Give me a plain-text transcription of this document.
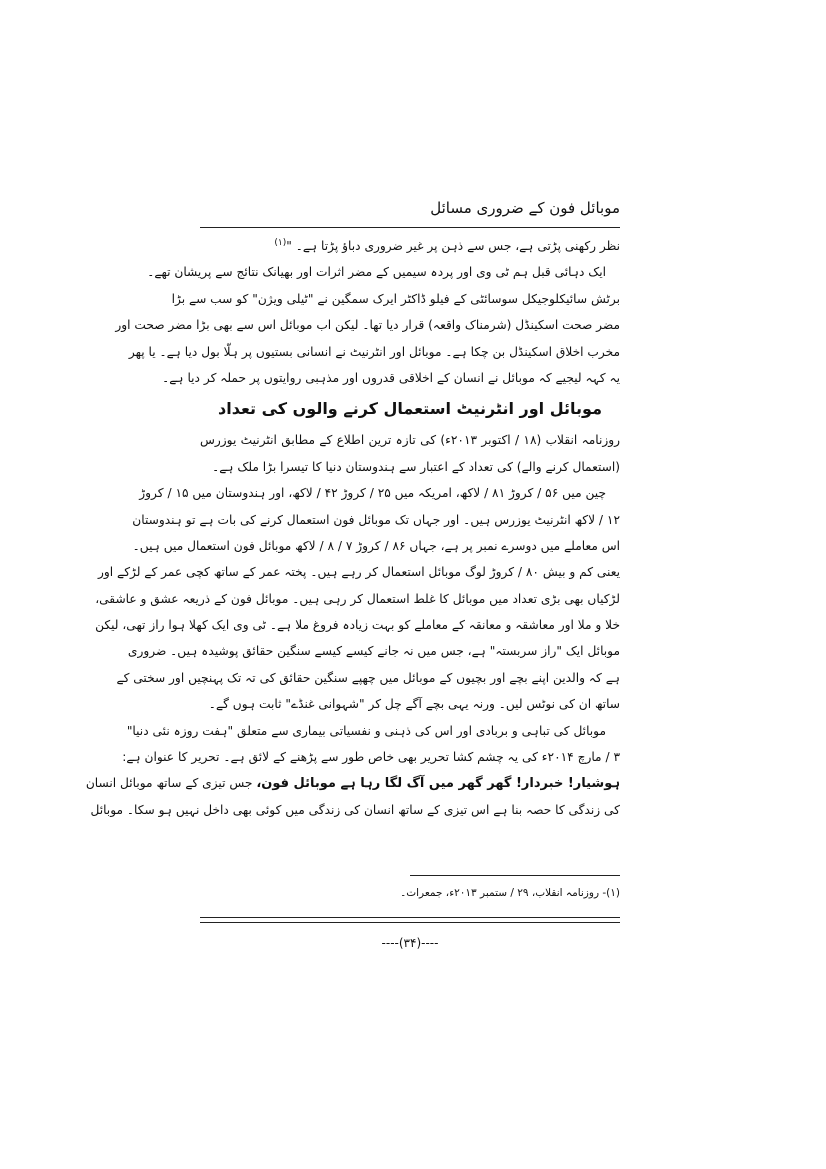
موبائل فون کے ضروری مسائل
نظر رکھنی پڑتی ہے، جس سے ذہن پر غیر ضروری دباؤ پڑتا ہے۔ "$^{(۱)}$
ایک دہائی قبل ہم ٹی وی اور پردہ سیمیں کے مضر اثرات اور بھیانک نتائج سے پریشان تھے۔
برٹش سائیکلوجیکل سوسائٹی کے فیلو ڈاکٹر ایرک سمگین نے "ٹیلی ویژن" کو سب سے بڑا
مضر صحت اسکینڈل (شرمناک واقعہ) قرار دیا تھا۔ لیکن اب موبائل اس سے بھی بڑا مضر صحت اور
مخرب اخلاق اسکینڈل بن چکا ہے۔ موبائل اور انٹرنیٹ نے انسانی بستیوں پر ہلّا بول دیا ہے۔ یا پھر
یہ کہہ لیجیے کہ موبائل نے انسان کے اخلاقی قدروں اور مذہبی روایتوں پر حملہ کر دیا ہے۔
موبائل اور انٹرنیٹ استعمال کرنے والوں کی تعداد
روزنامہ انقلاب (۱۸ / اکتوبر ۲۰۱۳ء) کی تازہ ترین اطلاع کے مطابق انٹرنیٹ یوزرس
(استعمال کرنے والے) کی تعداد کے اعتبار سے ہندوستان دنیا کا تیسرا بڑا ملک ہے۔
چین میں ۵۶ / کروڑ ۸۱ / لاکھ، امریکہ میں ۲۵ / کروڑ ۴۲ / لاکھ، اور ہندوستان میں ۱۵ / کروڑ
۱۲ / لاکھ انٹرنیٹ یوزرس ہیں۔ اور جہاں تک موبائل فون استعمال کرنے کی بات ہے تو ہندوستان
اس معاملے میں دوسرے نمبر پر ہے، جہاں ۸۶ / کروڑ ۷ / ۸ / لاکھ موبائل فون استعمال میں ہیں۔
یعنی کم و بیش ۸۰ / کروڑ لوگ موبائل استعمال کر رہے ہیں۔ پختہ عمر کے ساتھ کچی عمر کے لڑکے اور
لڑکیاں بھی بڑی تعداد میں موبائل کا غلط استعمال کر رہی ہیں۔ موبائل فون کے ذریعہ عشق و عاشقی،
خلا و ملا اور معاشقہ و معانقہ کے معاملے کو بہت زیادہ فروغ ملا ہے۔ ٹی وی ایک کھلا ہوا راز تھی، لیکن
موبائل ایک "راز سربستہ" ہے، جس میں نہ جانے کیسے کیسے سنگین حقائق پوشیدہ ہیں۔ ضروری
ہے کہ والدین اپنے بچے اور بچیوں کے موبائل میں چھپے سنگین حقائق کی تہ تک پہنچیں اور سختی کے
ساتھ ان کی نوٹس لیں۔ ورنہ یہی بچے آگے چل کر "شہوانی غنڈے" ثابت ہوں گے۔
موبائل کی تباہی و بربادی اور اس کی ذہنی و نفسیاتی بیماری سے متعلق "ہفت روزہ نئی دنیا"
۳ / مارچ ۲۰۱۴ء کی یہ چشم کشا تحریر بھی خاص طور سے پڑھنے کے لائق ہے۔ تحریر کا عنوان ہے:
ہوشیار! خبردار! گھر گھر میں آگ لگا رہا ہے موبائل فون، جس تیزی کے ساتھ موبائل انسان
کی زندگی کا حصہ بنا ہے اس تیزی کے ساتھ انسان کی زندگی میں کوئی بھی داخل نہیں ہو سکا۔ موبائل
(۱)- روزنامہ انقلاب، ۲۹ / ستمبر ۲۰۱۳ء، جمعرات۔
----(۳۴)----
